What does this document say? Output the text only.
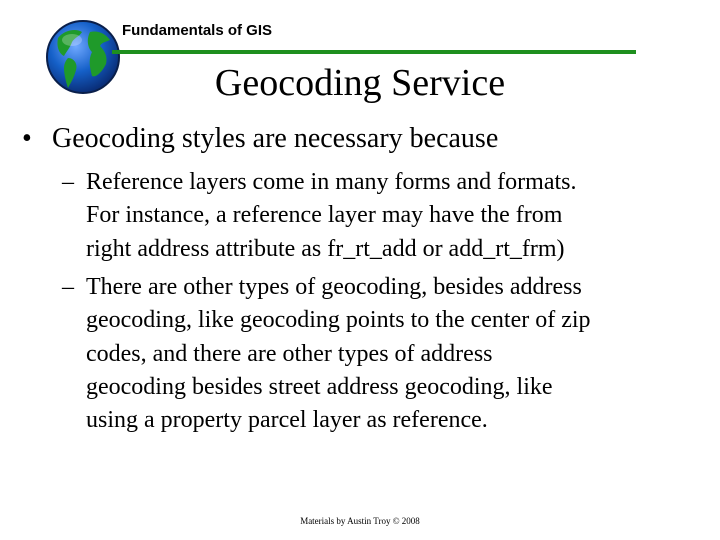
Fundamentals of GIS
Geocoding Service
• Geocoding styles are necessary because
– Reference layers come in many forms and formats.
For instance, a reference layer may have the from
right address attribute as fr_rt_add or add_rt_frm)
– There are other types of geocoding, besides address
geocoding, like geocoding points to the center of zip
codes, and there are other types of address
geocoding besides street address geocoding, like
using a property parcel layer as reference.
Materials by Austin Troy © 2008
